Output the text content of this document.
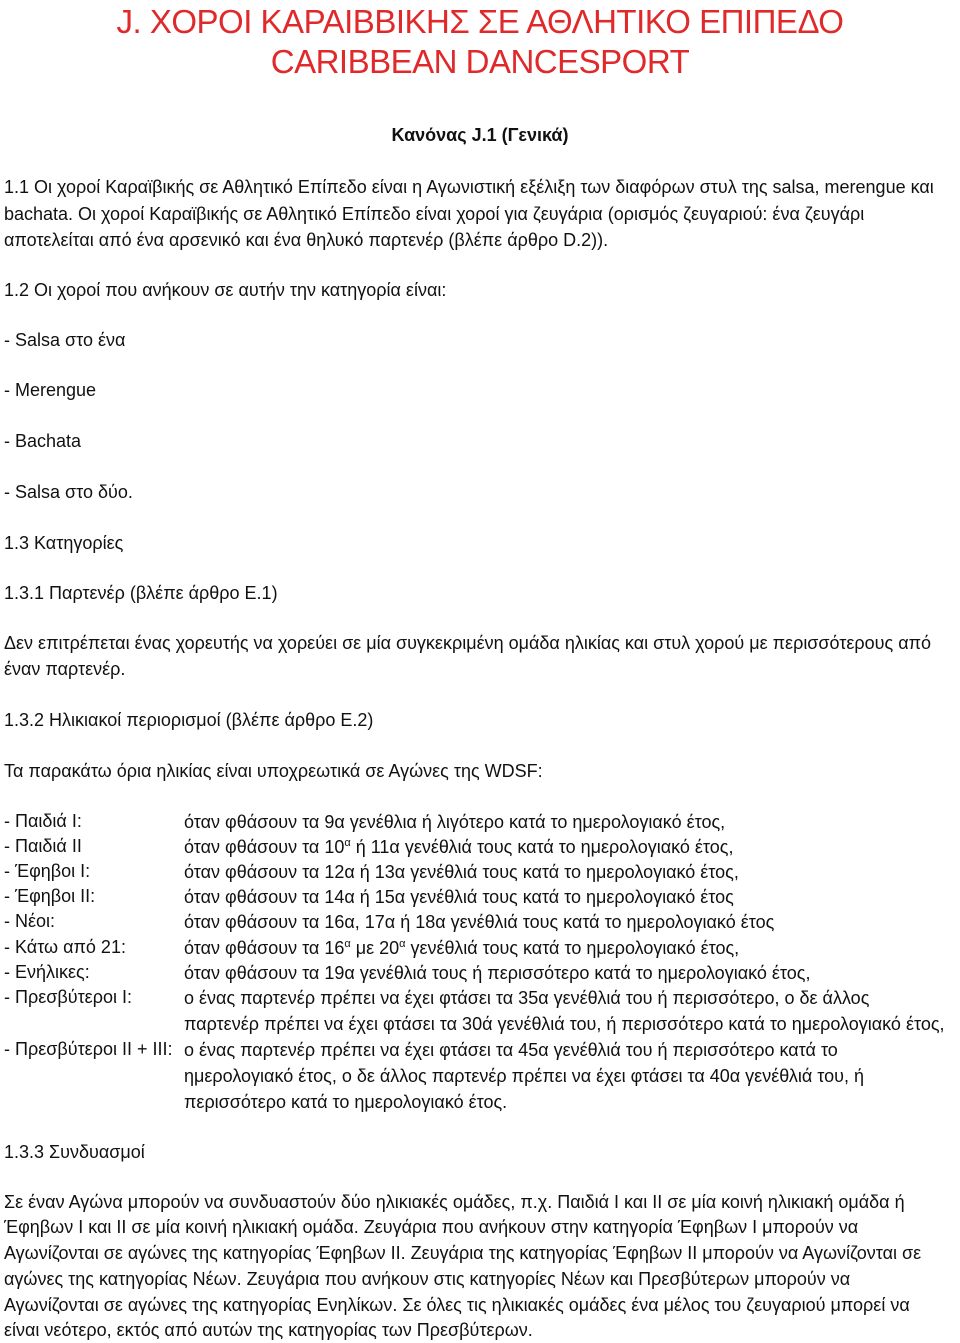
J. ΧΟΡΟΙ ΚΑΡΑΙΒΒΙΚΗΣ ΣΕ ΑΘΛΗΤΙΚΟ ΕΠΙΠΕΔΟ
CARIBBEAN DANCESPORT
Κανόνας J.1 (Γενικά)
1.1 Οι χοροί Καραϊβικής σε Αθλητικό Επίπεδο είναι η Αγωνιστική εξέλιξη των διαφόρων στυλ της salsa, merengue και
bachata. Οι χοροί Καραϊβικής σε Αθλητικό Επίπεδο είναι χοροί για ζευγάρια (ορισμός ζευγαριού: ένα ζευγάρι
αποτελείται από ένα αρσενικό και ένα θηλυκό παρτενέρ (βλέπε άρθρο D.2)).
1.2 Οι χοροί που ανήκουν σε αυτήν την κατηγορία είναι:
- Salsa στο ένα
- Merengue
- Bachata
- Salsa στο δύο.
1.3 Κατηγορίες
1.3.1 Παρτενέρ (βλέπε άρθρο E.1)
Δεν επιτρέπεται ένας χορευτής να χορεύει σε μία συγκεκριμένη ομάδα ηλικίας και στυλ χορού με περισσότερους από
έναν παρτενέρ.
1.3.2 Ηλικιακοί περιορισμοί (βλέπε άρθρο E.2)
Τα παρακάτω όρια ηλικίας είναι υποχρεωτικά σε Αγώνες της WDSF:
- Παιδιά Ι:	όταν φθάσουν τα 9α γενέθλια ή λιγότερο κατά το ημερολογιακό έτος,
- Παιδιά ΙΙ	όταν φθάσουν τα $10^\alpha$ ή 11α γενέθλιά τους κατά το ημερολογιακό έτος,
- Έφηβοι Ι:	όταν φθάσουν τα 12α ή 13α γενέθλιά τους κατά το ημερολογιακό έτος,
- Έφηβοι ΙΙ:	όταν φθάσουν τα 14α ή 15α γενέθλιά τους κατά το ημερολογιακό έτος
- Νέοι:	όταν φθάσουν τα 16α, 17α ή 18α γενέθλιά τους κατά το ημερολογιακό έτος
- Κάτω από 21:	όταν φθάσουν τα $16^\alpha$ με $20^\alpha$ γενέθλιά τους κατά το ημερολογιακό έτος,
- Ενήλικες:	όταν φθάσουν τα 19α γενέθλιά τους ή περισσότερο κατά το ημερολογιακό έτος,
- Πρεσβύτεροι Ι:	ο ένας παρτενέρ πρέπει να έχει φτάσει τα 35α γενέθλιά του ή περισσότερο, ο δε άλλος
παρτενέρ πρέπει να έχει φτάσει τα 30ά γενέθλιά του, ή περισσότερο κατά το ημερολογιακό έτος,
- Πρεσβύτεροι ΙΙ + ΙΙΙ: ο ένας παρτενέρ πρέπει να έχει φτάσει τα 45α γενέθλιά του ή περισσότερο κατά το
ημερολογιακό έτος, ο δε άλλος παρτενέρ πρέπει να έχει φτάσει τα 40α γενέθλιά του, ή
περισσότερο κατά το ημερολογιακό έτος.
1.3.3 Συνδυασμοί
Σε έναν Αγώνα μπορούν να συνδυαστούν δύο ηλικιακές ομάδες, π.χ. Παιδιά Ι και ΙΙ σε μία κοινή ηλικιακή ομάδα ή
Έφηβων Ι και ΙΙ σε μία κοινή ηλικιακή ομάδα. Ζευγάρια που ανήκουν στην κατηγορία Έφηβων Ι μπορούν να
Αγωνίζονται σε αγώνες της κατηγορίας Έφηβων ΙΙ. Ζευγάρια της κατηγορίας Έφηβων ΙΙ μπορούν να Αγωνίζονται σε
αγώνες της κατηγορίας Νέων. Ζευγάρια που ανήκουν στις κατηγορίες Νέων και Πρεσβύτερων μπορούν να
Αγωνίζονται σε αγώνες της κατηγορίας Ενηλίκων. Σε όλες τις ηλικιακές ομάδες ένα μέλος του ζευγαριού μπορεί να
είναι νεότερο, εκτός από αυτών της κατηγορίας των Πρεσβύτερων.
